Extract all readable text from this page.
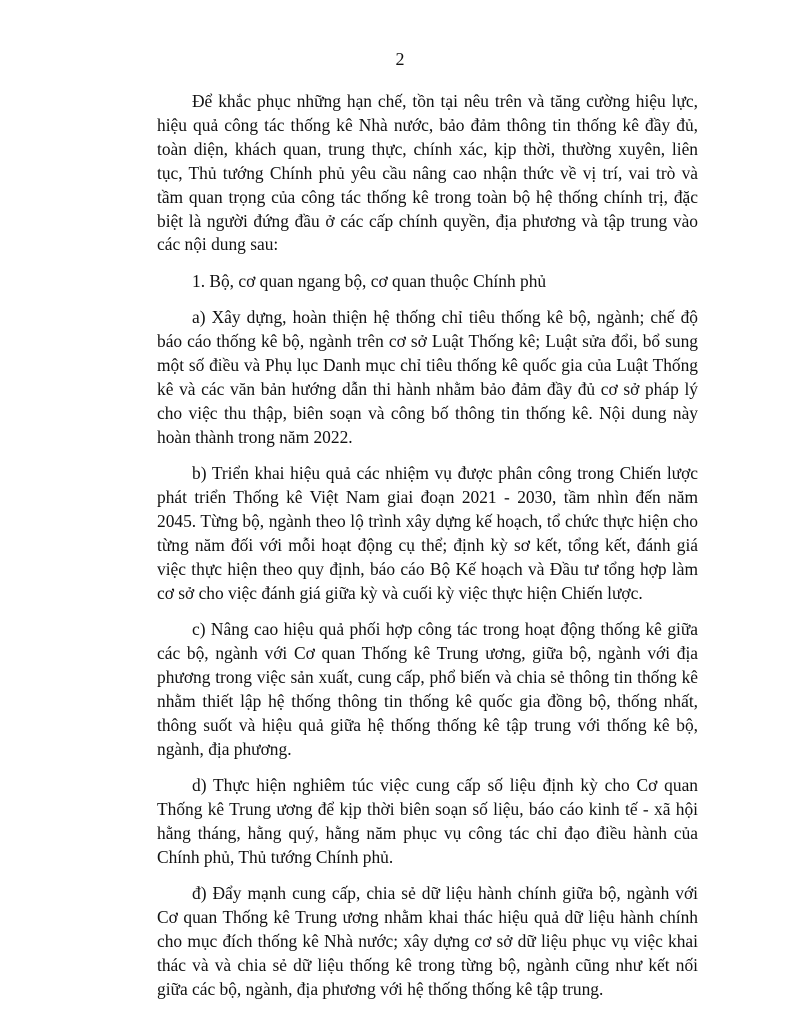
2

Để khắc phục những hạn chế, tồn tại nêu trên và tăng cường hiệu lực, hiệu quả công tác thống kê Nhà nước, bảo đảm thông tin thống kê đầy đủ, toàn diện, khách quan, trung thực, chính xác, kịp thời, thường xuyên, liên tục, Thủ tướng Chính phủ yêu cầu nâng cao nhận thức về vị trí, vai trò và tầm quan trọng của công tác thống kê trong toàn bộ hệ thống chính trị, đặc biệt là người đứng đầu ở các cấp chính quyền, địa phương và tập trung vào các nội dung sau:

1. Bộ, cơ quan ngang bộ, cơ quan thuộc Chính phủ

a) Xây dựng, hoàn thiện hệ thống chỉ tiêu thống kê bộ, ngành; chế độ báo cáo thống kê bộ, ngành trên cơ sở Luật Thống kê; Luật sửa đổi, bổ sung một số điều và Phụ lục Danh mục chỉ tiêu thống kê quốc gia của Luật Thống kê và các văn bản hướng dẫn thi hành nhằm bảo đảm đầy đủ cơ sở pháp lý cho việc thu thập, biên soạn và công bố thông tin thống kê. Nội dung này hoàn thành trong năm 2022.

b) Triển khai hiệu quả các nhiệm vụ được phân công trong Chiến lược phát triển Thống kê Việt Nam giai đoạn 2021 - 2030, tầm nhìn đến năm 2045. Từng bộ, ngành theo lộ trình xây dựng kế hoạch, tổ chức thực hiện cho từng năm đối với mỗi hoạt động cụ thể; định kỳ sơ kết, tổng kết, đánh giá việc thực hiện theo quy định, báo cáo Bộ Kế hoạch và Đầu tư tổng hợp làm cơ sở cho việc đánh giá giữa kỳ và cuối kỳ việc thực hiện Chiến lược.

c) Nâng cao hiệu quả phối hợp công tác trong hoạt động thống kê giữa các bộ, ngành với Cơ quan Thống kê Trung ương, giữa bộ, ngành với địa phương trong việc sản xuất, cung cấp, phổ biến và chia sẻ thông tin thống kê nhằm thiết lập hệ thống thông tin thống kê quốc gia đồng bộ, thống nhất, thông suốt và hiệu quả giữa hệ thống thống kê tập trung với thống kê bộ, ngành, địa phương.

d) Thực hiện nghiêm túc việc cung cấp số liệu định kỳ cho Cơ quan Thống kê Trung ương để kịp thời biên soạn số liệu, báo cáo kinh tế - xã hội hằng tháng, hằng quý, hằng năm phục vụ công tác chỉ đạo điều hành của Chính phủ, Thủ tướng Chính phủ.

đ) Đẩy mạnh cung cấp, chia sẻ dữ liệu hành chính giữa bộ, ngành với Cơ quan Thống kê Trung ương nhằm khai thác hiệu quả dữ liệu hành chính cho mục đích thống kê Nhà nước; xây dựng cơ sở dữ liệu phục vụ việc khai thác và và chia sẻ dữ liệu thống kê trong từng bộ, ngành cũng như kết nối giữa các bộ, ngành, địa phương với hệ thống thống kê tập trung.
